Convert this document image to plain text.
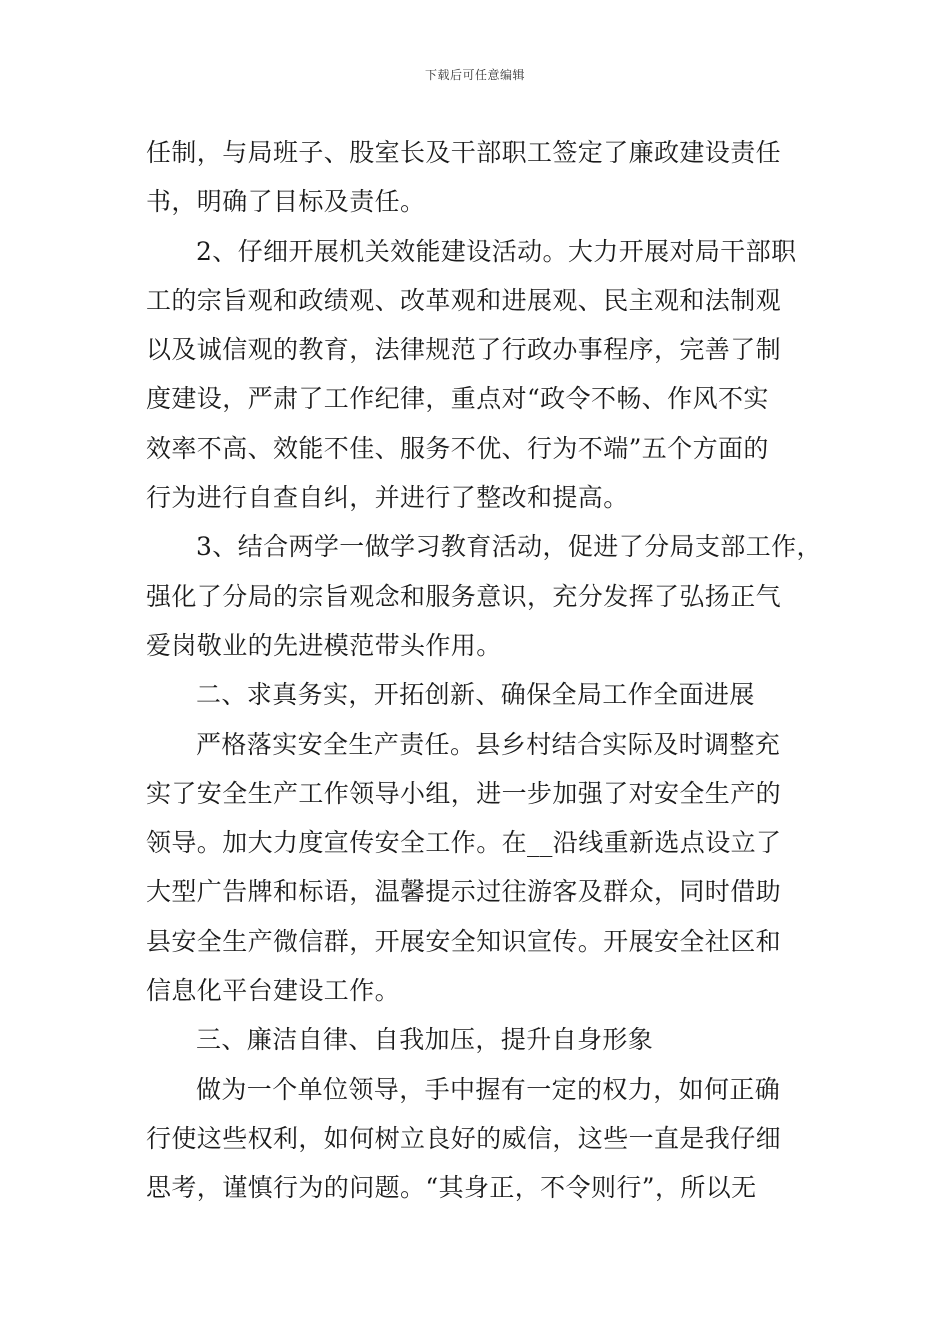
下载后可任意编辑
任制，与局班子、股室长及干部职工签定了廉政建设责任
书，明确了目标及责任。
2、仔细开展机关效能建设活动。大力开展对局干部职
工的宗旨观和政绩观、改革观和进展观、民主观和法制观
以及诚信观的教育，法律规范了行政办事程序，完善了制
度建设，严肃了工作纪律，重点对“政令不畅、作风不实
效率不高、效能不佳、服务不优、行为不端”五个方面的
行为进行自查自纠，并进行了整改和提高。
3、结合两学一做学习教育活动，促进了分局支部工作，
强化了分局的宗旨观念和服务意识，充分发挥了弘扬正气
爱岗敬业的先进模范带头作用。
二、求真务实，开拓创新、确保全局工作全面进展
严格落实安全生产责任。县乡村结合实际及时调整充
实了安全生产工作领导小组，进一步加强了对安全生产的
领导。加大力度宣传安全工作。在__沿线重新选点设立了
大型广告牌和标语，温馨提示过往游客及群众，同时借助
县安全生产微信群，开展安全知识宣传。开展安全社区和
信息化平台建设工作。
三、廉洁自律、自我加压，提升自身形象
做为一个单位领导，手中握有一定的权力，如何正确
行使这些权利，如何树立良好的威信，这些一直是我仔细
思考，谨慎行为的问题。“其身正，不令则行”，所以无
